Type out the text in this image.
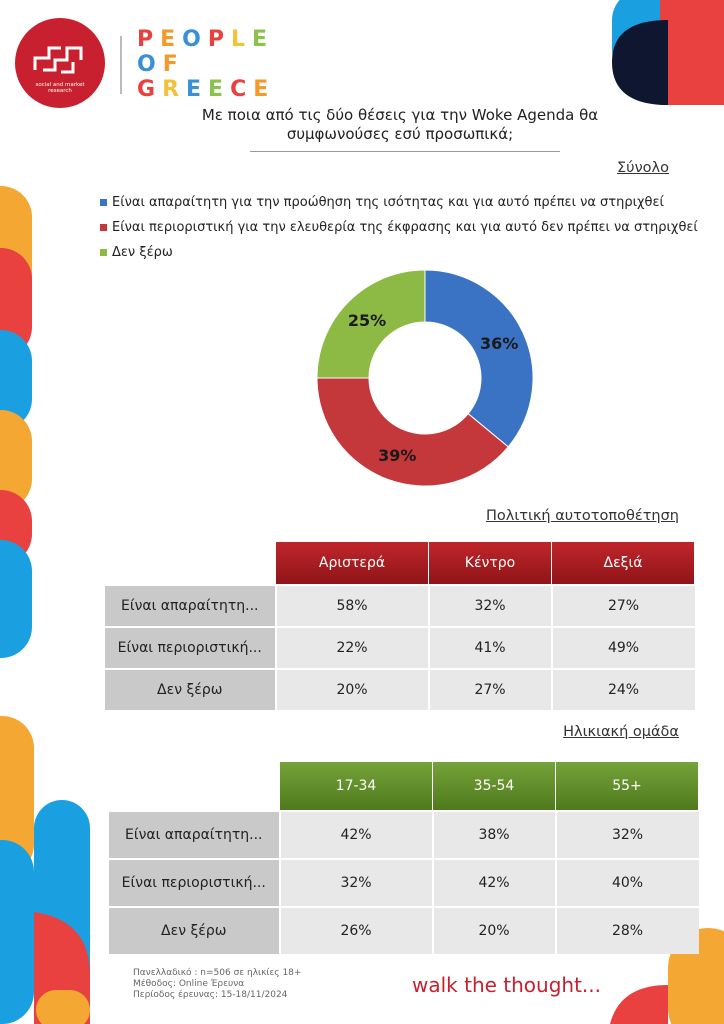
social and market
research
PEOPLE
OF
GREECE
Με ποια από τις δύο θέσεις για την Woke Agenda θα
συμφωνούσες εσύ προσωπικά;
Σύνολο
Είναι απαραίτητη για την προώθηση της ισότητας και για αυτό πρέπει να στηριχθεί
Είναι περιοριστική για την ελευθερία της έκφρασης και για αυτό δεν πρέπει να στηριχθεί
Δεν ξέρω
36%
39%
25%
Πολιτική αυτοτοποθέτηση
	Αριστερά	Κέντρο	Δεξιά
Είναι απαραίτητη...	58%	32%	27%
Είναι περιοριστική...	22%	41%	49%
Δεν ξέρω	20%	27%	24%
Ηλικιακή ομάδα
	17-34	35-54	55+
Είναι απαραίτητη...	42%	38%	32%
Είναι περιοριστική...	32%	42%	40%
Δεν ξέρω	26%	20%	28%
Πανελλαδικό : n=506 σε ηλικίες 18+
Μέθοδος: Online Έρευνα
Περίοδος έρευνας: 15-18/11/2024	walk the thought...
